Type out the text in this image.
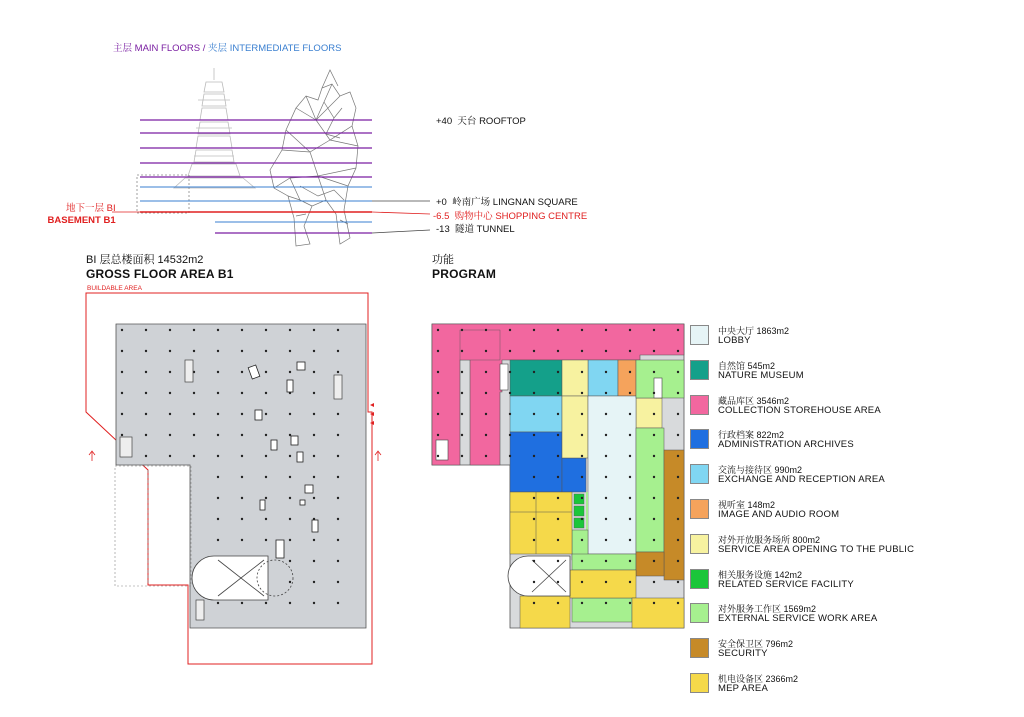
主层 MAIN FLOORS / 夹层 INTERMEDIATE FLOORS
地下一层 BI
BASEMENT B1
+40 天台 ROOFTOP
+0 岭南广场 LINGNAN SQUARE
-6.5 购物中心 SHOPPING CENTRE
-13 隧道 TUNNEL
BI 层总楼面积 14532m2
GROSS FLOOR AREA B1
功能
PROGRAM
BUILDABLE AREA
中央大厅 1863m2
LOBBY
自然馆 545m2
NATURE MUSEUM
藏品库区 3546m2
COLLECTION STOREHOUSE AREA
行政档案 822m2
ADMINISTRATION ARCHIVES
交流与接待区 990m2
EXCHANGE AND RECEPTION AREA
视听室 148m2
IMAGE AND AUDIO ROOM
对外开放服务场所 800m2
SERVICE AREA OPENING TO THE PUBLIC
相关服务设施 142m2
RELATED SERVICE FACILITY
对外服务工作区 1569m2
EXTERNAL SERVICE WORK AREA
安全保卫区 796m2
SECURITY
机电设备区 2366m2
MEP AREA
